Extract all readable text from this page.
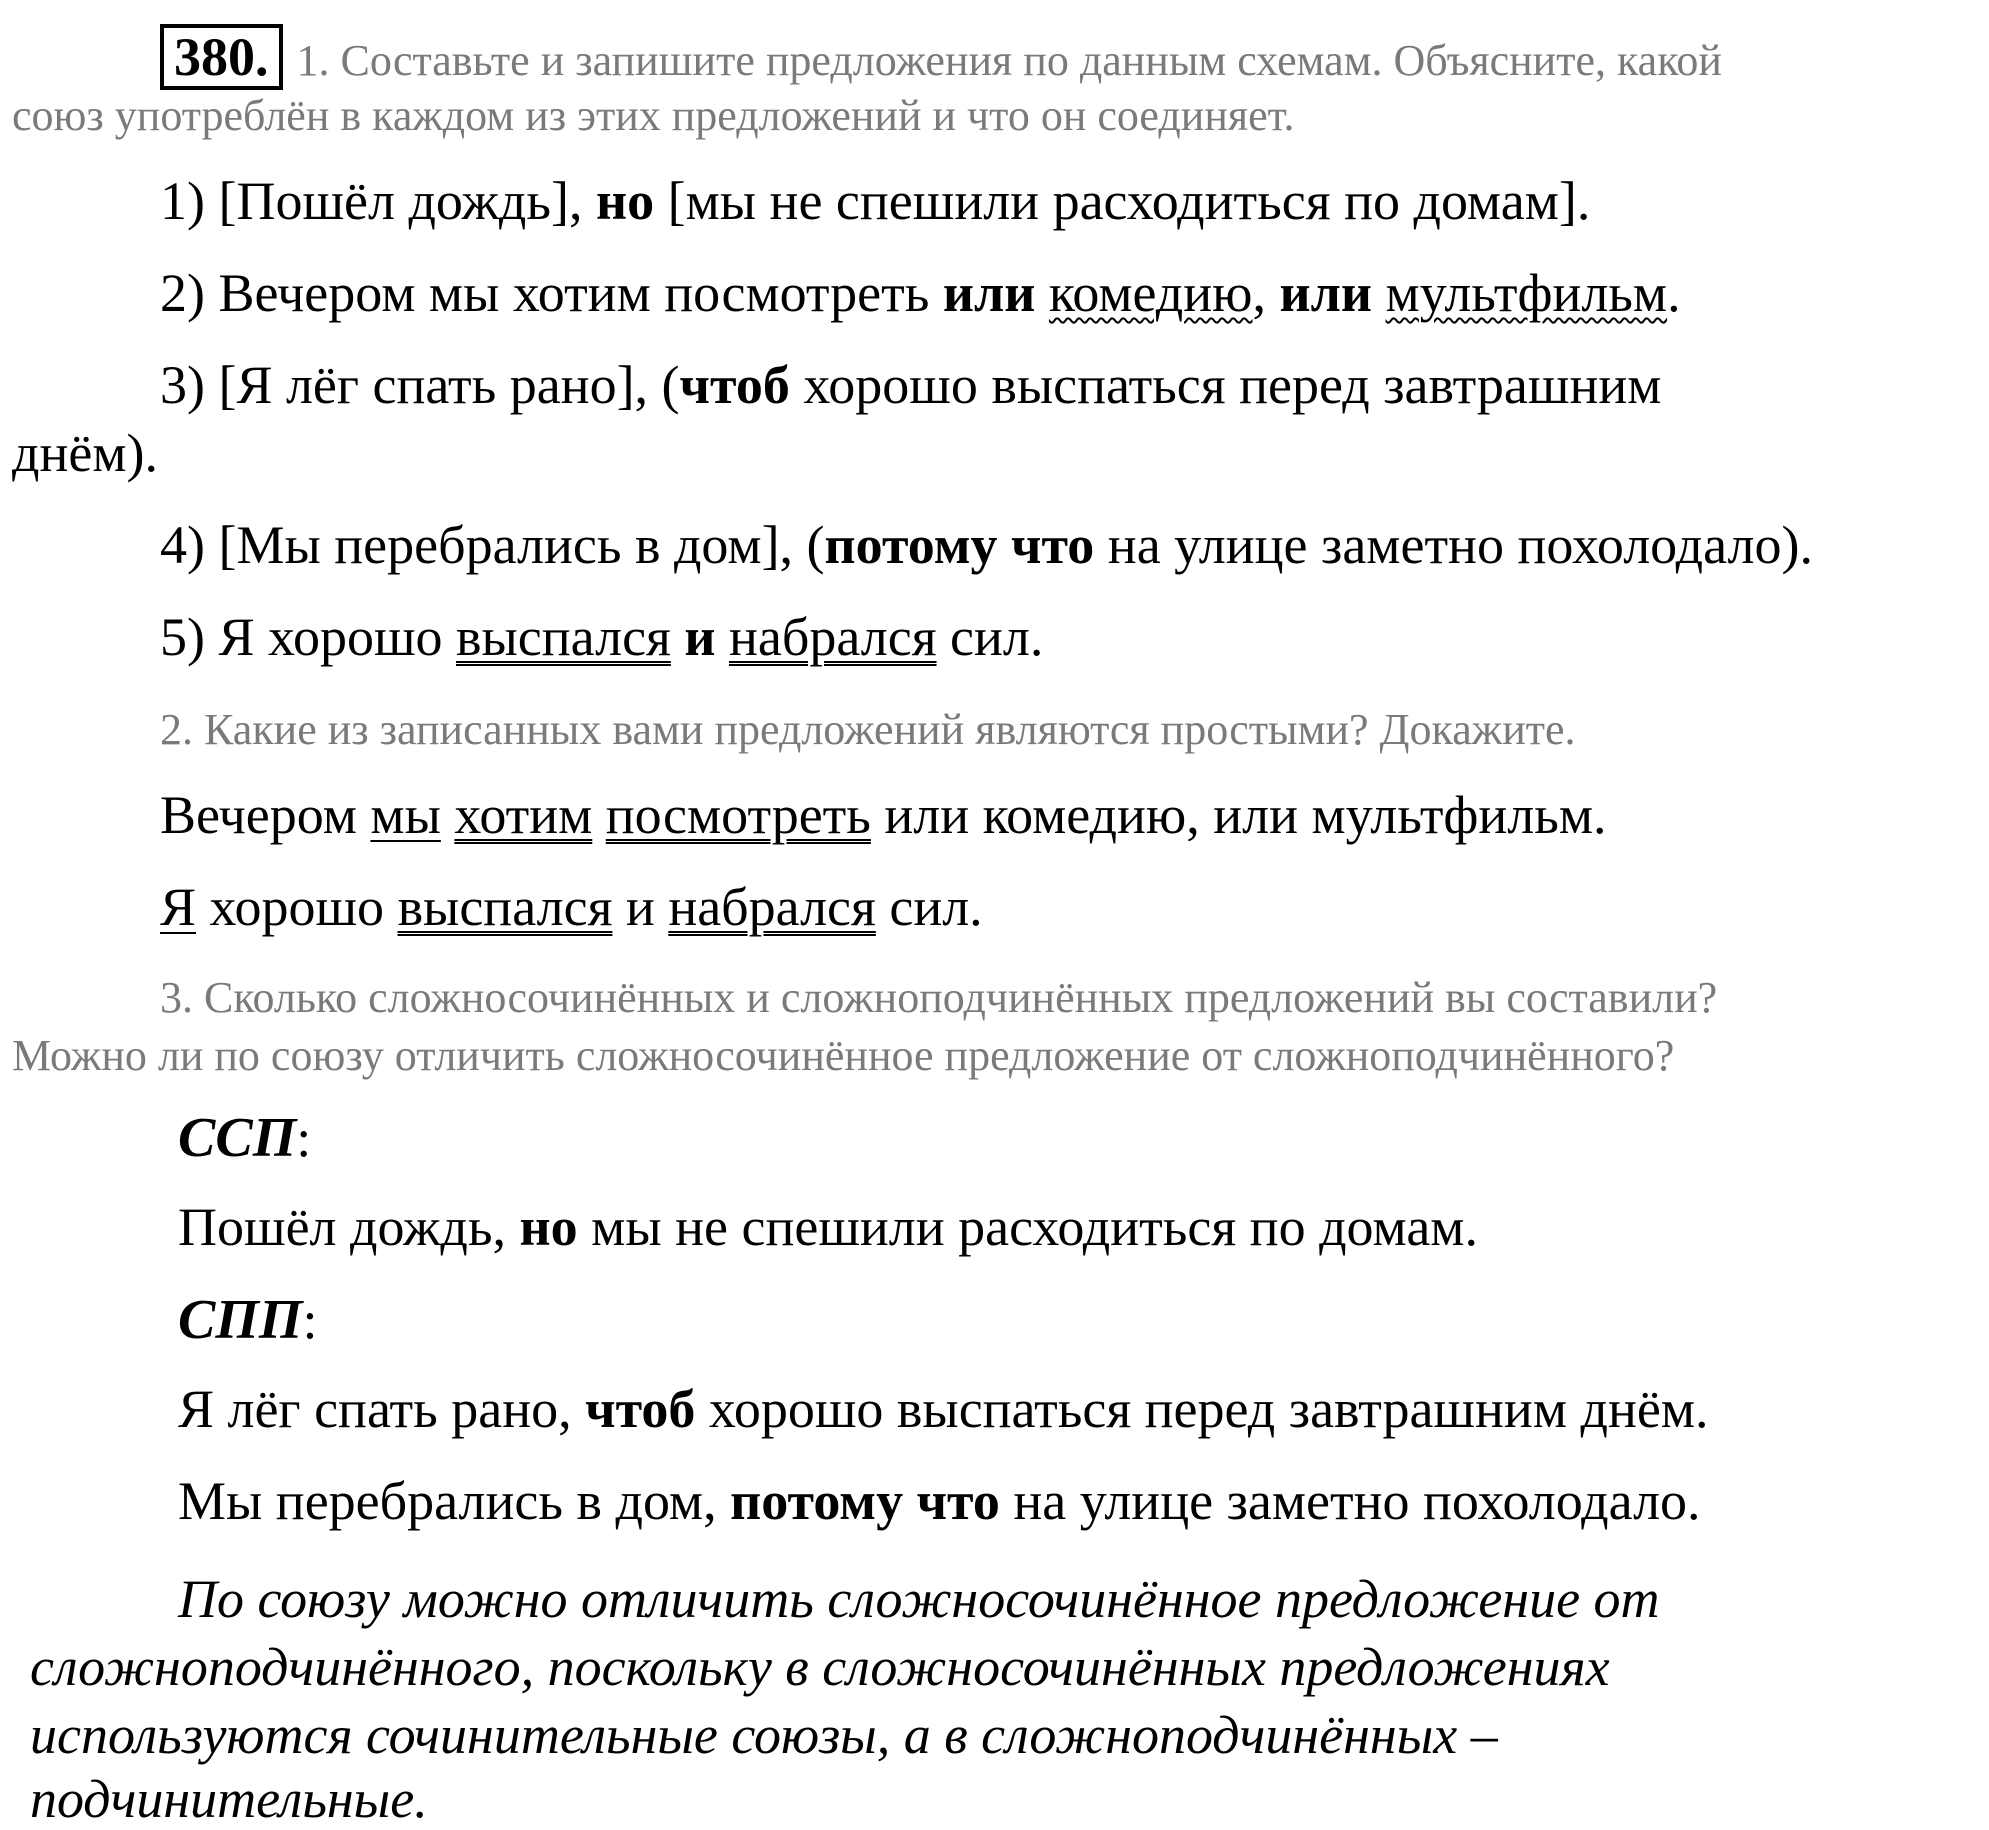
380. 1. Составьте и запишите предложения по данным схемам. Объясните, какой
союз употреблён в каждом из этих предложений и что он соединяет.
1) [Пошёл дождь], но [мы не спешили расходиться по домам].
2) Вечером мы хотим посмотреть или комедию, или мультфильм.
3) [Я лёг спать рано], (чтоб хорошо выспаться перед завтрашним
днём).
4) [Мы перебрались в дом], (потому что на улице заметно похолодало).
5) Я хорошо выспался и набрался сил.
2. Какие из записанных вами предложений являются простыми? Докажите.
Вечером мы хотим посмотреть или комедию, или мультфильм.
Я хорошо выспался и набрался сил.
3. Сколько сложносочинённых и сложноподчинённых предложений вы составили?
Можно ли по союзу отличить сложносочинённое предложение от сложноподчинённого?
ССП:
Пошёл дождь, но мы не спешили расходиться по домам.
СПП:
Я лёг спать рано, чтоб хорошо выспаться перед завтрашним днём.
Мы перебрались в дом, потому что на улице заметно похолодало.
По союзу можно отличить сложносочинённое предложение от
сложноподчинённого, поскольку в сложносочинённых предложениях
используются сочинительные союзы, а в сложноподчинённых –
подчинительные.
